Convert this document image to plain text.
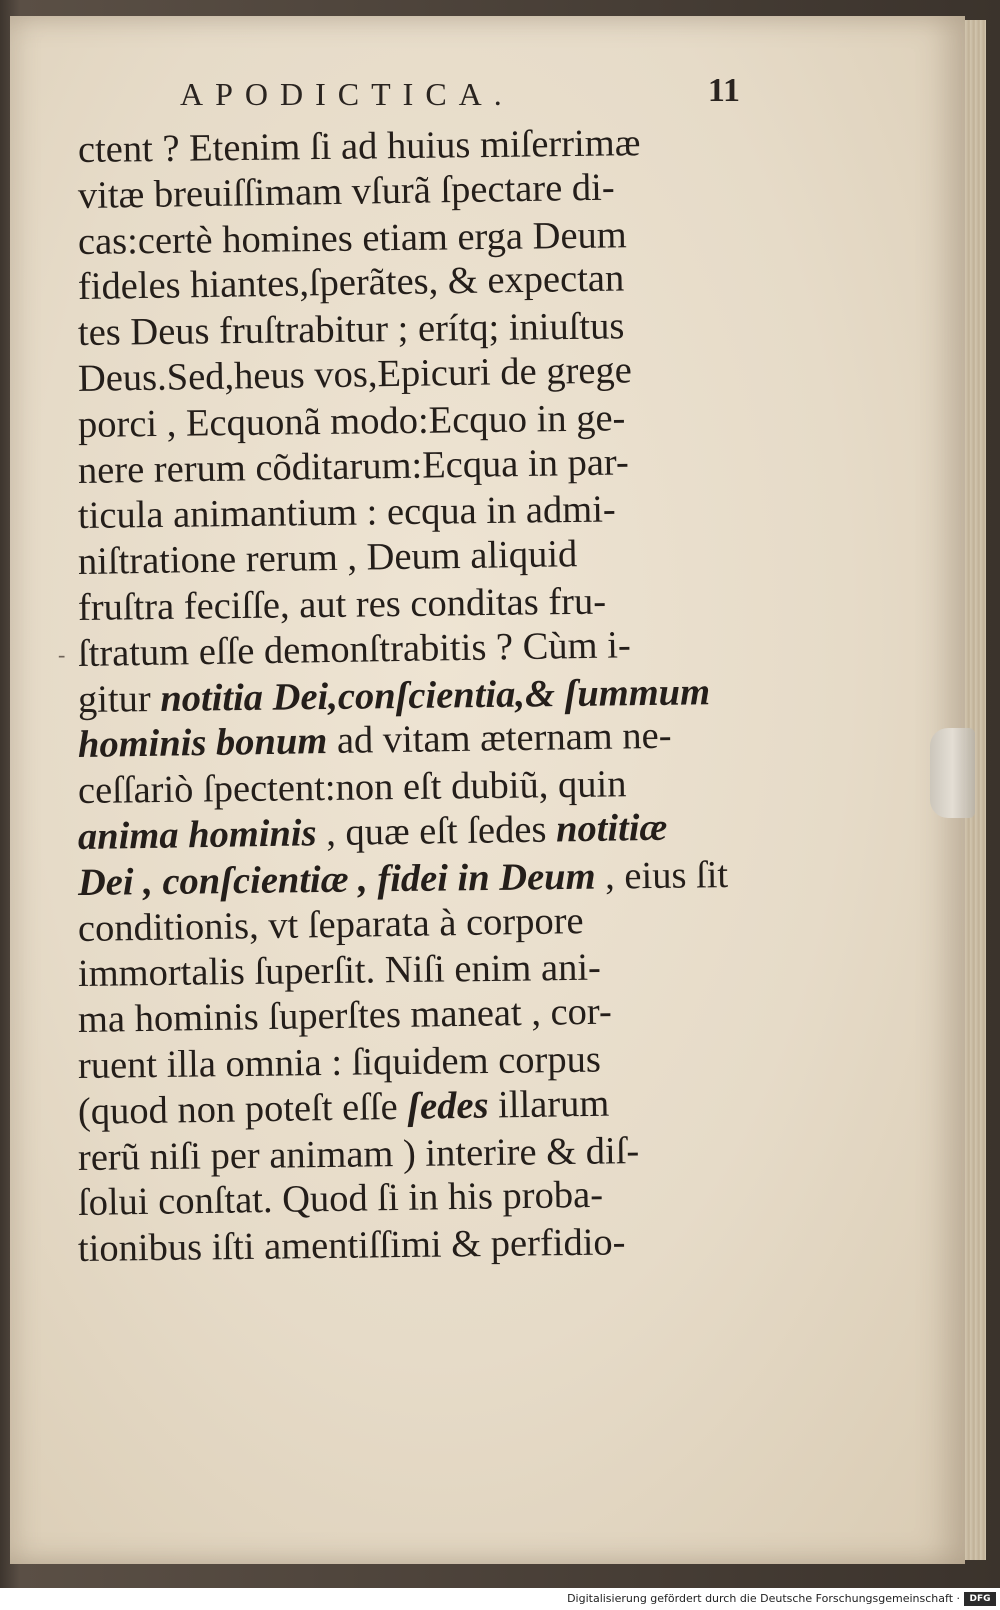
APODICTICA.	11
-
ctent ? Etenim ſi ad huius miſerrimæ
vitæ breuiſſimam vſurã ſpectare di-
cas:certè homines etiam erga Deum
fideles hiantes,ſperãtes, & expectan
tes Deus fruſtrabitur ; erítq; iniuſtus
Deus.Sed,heus vos,Epicuri de grege
porci , Ecquonã modo:Ecquo in ge-
nere rerum cõditarum:Ecqua in par-
ticula animantium : ecqua in admi-
niſtratione rerum , Deum aliquid
fruſtra feciſſe, aut res conditas fru-
ſtratum eſſe demonſtrabitis ? Cùm i-
gitur notitia Dei,conſcientia,& ſummum
hominis bonum ad vitam æternam ne-
ceſſariò ſpectent:non eſt dubiũ, quin
anima hominis , quæ eſt ſedes notitiæ
Dei , conſcientiæ , fidei in Deum , eius ſit
conditionis, vt ſeparata à corpore
immortalis ſuperſit. Niſi enim ani-
ma hominis ſuperſtes maneat , cor-
ruent illa omnia : ſiquidem corpus
(quod non poteſt eſſe ſedes illarum
rerũ niſi per animam ) interire & diſ-
ſolui conſtat. Quod ſi in his proba-
tionibus iſti amentiſſimi & perfidio-
Digitalisierung gefördert durch die Deutsche Forschungsgemeinschaft ·	DFG
